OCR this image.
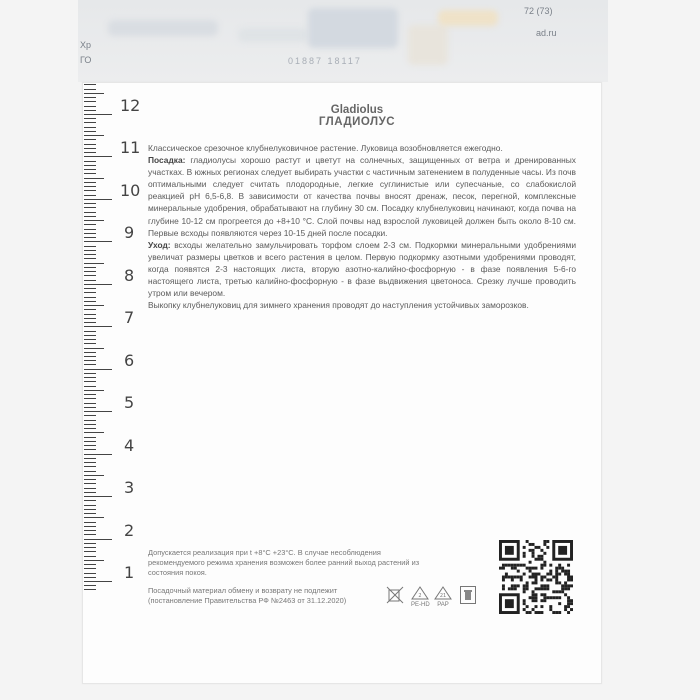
Хр
ГО	01887 18117
72 (73)
ad.ru
12
11
10
9
8
7
6
5
4
3
2
1
Gladiolus
ГЛАДИОЛУС

Классическое срезочное клубнелуковичное растение. Луковица возобновляется ежегодно.

Посадка: гладиолусы хорошо растут и цветут на солнечных, защищенных от ветра и дренированных участках. В южных регионах следует выбирать участки с частичным затенением в полуденные часы. Из почв оптимальными следует считать плодородные, легкие суглинистые или супесчаные, со слабокислой реакцией pH 6,5-6,8. В зависимости от качества почвы вносят дренаж, песок, перегной, комплексные минеральные удобрения, обрабатывают на глубину 30 см. Посадку клубнелуковиц начинают, когда почва на глубине 10-12 см прогреется до +8+10 °С. Слой почвы над взрослой луковицей должен быть около 8-10 см. Первые всходы появляются через 10-15 дней после посадки.

Уход: всходы желательно замульчировать торфом слоем 2-3 см. Подкормки минеральными удобрениями увеличат размеры цветков и всего растения в целом. Первую подкормку азотными удобрениями проводят, когда появятся 2-3 настоящих листа, вторую азотно-калийно-фосфорную - в фазе появления 5-6-го настоящего листа, третью калийно-фосфорную - в фазе выдвижения цветоноса. Срезку лучше проводить утром или вечером.

Выкопку клубнелуковиц для зимнего хранения проводят до наступления устойчивых заморозков.

Допускается реализация при t +8°С +23°С. В случае несоблюдения рекомендуемого режима хранения возможен более ранний выход растений из состояния покоя.
Посадочный материал обмену и возврату не подлежит (постановление Правительства РФ №2463 от 31.12.2020)	2
PE-HD
21
PAP
